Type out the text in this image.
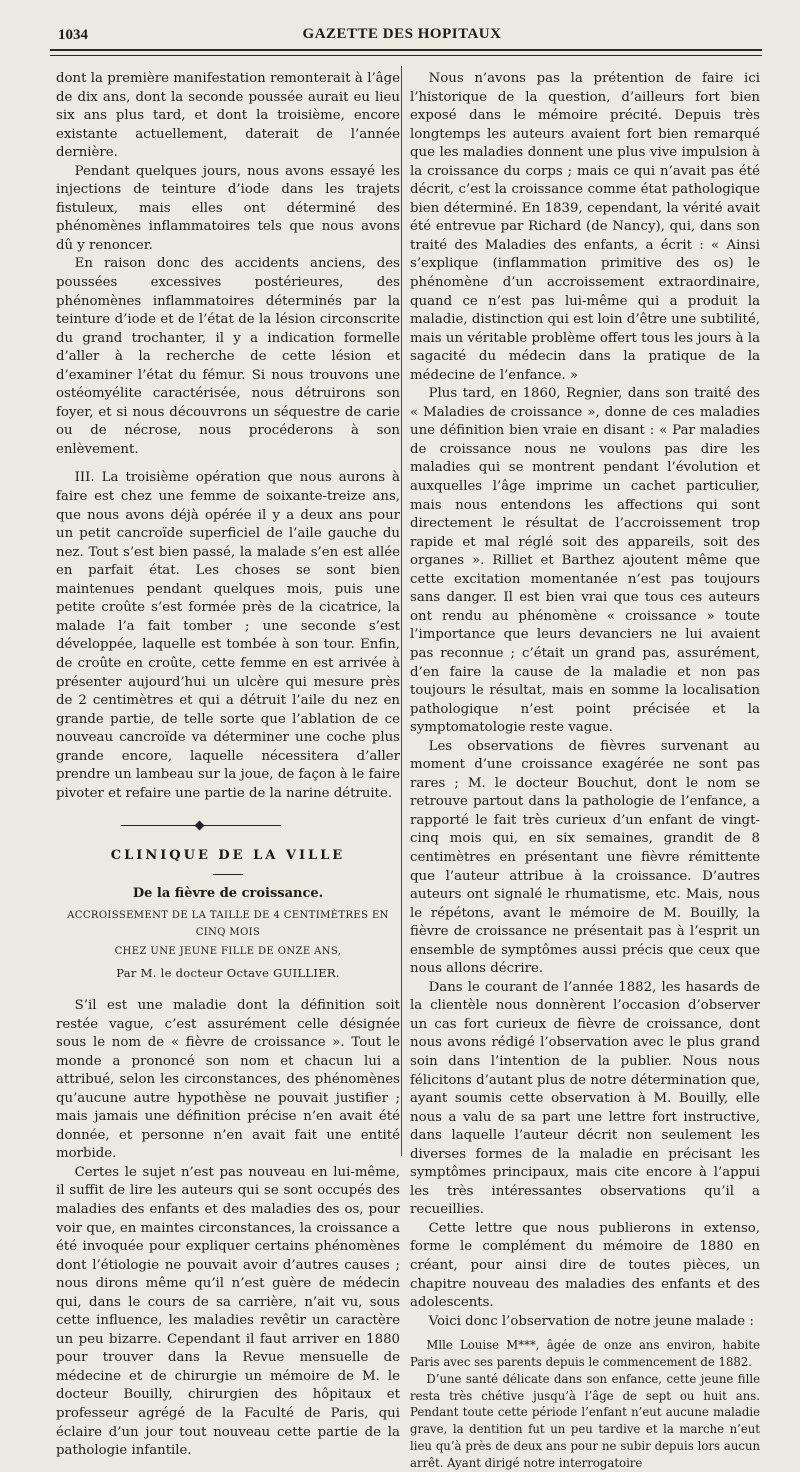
1034	GAZETTE DES HOPITAUX

dont la première manifestation remonterait à l’âge de dix ans, dont la seconde poussée aurait eu lieu six ans plus tard, et dont la troisième, encore existante actuellement, daterait de l’année dernière.

Pendant quelques jours, nous avons essayé les injections de teinture d’iode dans les trajets fistuleux, mais elles ont déterminé des phénomènes inflammatoires tels que nous avons dû y renoncer.

En raison donc des accidents anciens, des poussées excessives postérieures, des phénomènes inflammatoires déterminés par la teinture d’iode et de l’état de la lésion circonscrite du grand trochanter, il y a indication formelle d’aller à la recherche de cette lésion et d’examiner l’état du fémur. Si nous trouvons une ostéomyélite caractérisée, nous détruirons son foyer, et si nous découvrons un séquestre de carie ou de nécrose, nous procéderons à son enlèvement.

III. La troisième opération que nous aurons à faire est chez une femme de soixante-treize ans, que nous avons déjà opérée il y a deux ans pour un petit cancroïde superficiel de l’aile gauche du nez. Tout s’est bien passé, la malade s’en est allée en parfait état. Les choses se sont bien maintenues pendant quelques mois, puis une petite croûte s’est formée près de la cicatrice, la malade l’a fait tomber ; une seconde s’est développée, laquelle est tombée à son tour. Enfin, de croûte en croûte, cette femme en est arrivée à présenter aujourd’hui un ulcère qui mesure près de 2 centimètres et qui a détruit l’aile du nez en grande partie, de telle sorte que l’ablation de ce nouveau cancroïde va déterminer une coche plus grande encore, laquelle nécessitera d’aller prendre un lambeau sur la joue, de façon à le faire pivoter et refaire une partie de la narine détruite.

CLINIQUE DE LA VILLE
De la fièvre de croissance.
ACCROISSEMENT DE LA TAILLE DE 4 CENTIMÈTRES EN CINQ MOIS
CHEZ UNE JEUNE FILLE DE ONZE ANS,
Par M. le docteur Octave GUILLIER.

S’il est une maladie dont la définition soit restée vague, c’est assurément celle désignée sous le nom de « fièvre de croissance ». Tout le monde a prononcé son nom et chacun lui a attribué, selon les circonstances, des phénomènes qu’aucune autre hypothèse ne pouvait justifier ; mais jamais une définition précise n’en avait été donnée, et personne n’en avait fait une entité morbide.

Certes le sujet n’est pas nouveau en lui-même, il suffit de lire les auteurs qui se sont occupés des maladies des enfants et des maladies des os, pour voir que, en maintes circonstances, la croissance a été invoquée pour expliquer certains phénomènes dont l’étiologie ne pouvait avoir d’autres causes ; nous dirons même qu’il n’est guère de médecin qui, dans le cours de sa carrière, n’ait vu, sous cette influence, les maladies revêtir un caractère un peu bizarre. Cependant il faut arriver en 1880 pour trouver dans la Revue mensuelle de médecine et de chirurgie un mémoire de M. le docteur Bouilly, chirurgien des hôpitaux et professeur agrégé de la Faculté de Paris, qui éclaire d’un jour tout nouveau cette partie de la pathologie infantile.

Nous n’avons pas la prétention de faire ici l’historique de la question, d’ailleurs fort bien exposé dans le mémoire précité. Depuis très longtemps les auteurs avaient fort bien remarqué que les maladies donnent une plus vive impulsion à la croissance du corps ; mais ce qui n’avait pas été décrit, c’est la croissance comme état pathologique bien déterminé. En 1839, cependant, la vérité avait été entrevue par Richard (de Nancy), qui, dans son traité des Maladies des enfants, a écrit : « Ainsi s’explique (inflammation primitive des os) le phénomène d’un accroissement extraordinaire, quand ce n’est pas lui-même qui a produit la maladie, distinction qui est loin d’être une subtilité, mais un véritable problème offert tous les jours à la sagacité du médecin dans la pratique de la médecine de l’enfance. »

Plus tard, en 1860, Regnier, dans son traité des « Maladies de croissance », donne de ces maladies une définition bien vraie en disant : « Par maladies de croissance nous ne voulons pas dire les maladies qui se montrent pendant l’évolution et auxquelles l’âge imprime un cachet particulier, mais nous entendons les affections qui sont directement le résultat de l’accroissement trop rapide et mal réglé soit des appareils, soit des organes ». Rilliet et Barthez ajoutent même que cette excitation momentanée n’est pas toujours sans danger. Il est bien vrai que tous ces auteurs ont rendu au phénomène « croissance » toute l’importance que leurs devanciers ne lui avaient pas reconnue ; c’était un grand pas, assurément, d’en faire la cause de la maladie et non pas toujours le résultat, mais en somme la localisation pathologique n’est point précisée et la symptomatologie reste vague.

Les observations de fièvres survenant au moment d’une croissance exagérée ne sont pas rares ; M. le docteur Bouchut, dont le nom se retrouve partout dans la pathologie de l’enfance, a rapporté le fait très curieux d’un enfant de vingt-cinq mois qui, en six semaines, grandit de 8 centimètres en présentant une fièvre rémittente que l’auteur attribue à la croissance. D’autres auteurs ont signalé le rhumatisme, etc. Mais, nous le répétons, avant le mémoire de M. Bouilly, la fièvre de croissance ne présentait pas à l’esprit un ensemble de symptômes aussi précis que ceux que nous allons décrire.

Dans le courant de l’année 1882, les hasards de la clientèle nous donnèrent l’occasion d’observer un cas fort curieux de fièvre de croissance, dont nous avons rédigé l’observation avec le plus grand soin dans l’intention de la publier. Nous nous félicitons d’autant plus de notre détermination que, ayant soumis cette observation à M. Bouilly, elle nous a valu de sa part une lettre fort instructive, dans laquelle l’auteur décrit non seulement les diverses formes de la maladie en précisant les symptômes principaux, mais cite encore à l’appui les très intéressantes observations qu’il a recueillies.

Cette lettre que nous publierons in extenso, forme le complément du mémoire de 1880 en créant, pour ainsi dire de toutes pièces, un chapitre nouveau des maladies des enfants et des adolescents.

Voici donc l’observation de notre jeune malade :

Mlle Louise M***, âgée de onze ans environ, habite Paris avec ses parents depuis le commencement de 1882.

D’une santé délicate dans son enfance, cette jeune fille resta très chétive jusqu’à l’âge de sept ou huit ans. Pendant toute cette période l’enfant n’eut aucune maladie grave, la dentition fut un peu tardive et la marche n’eut lieu qu’à près de deux ans pour ne subir depuis lors aucun arrêt. Ayant dirigé notre interrogatoire
